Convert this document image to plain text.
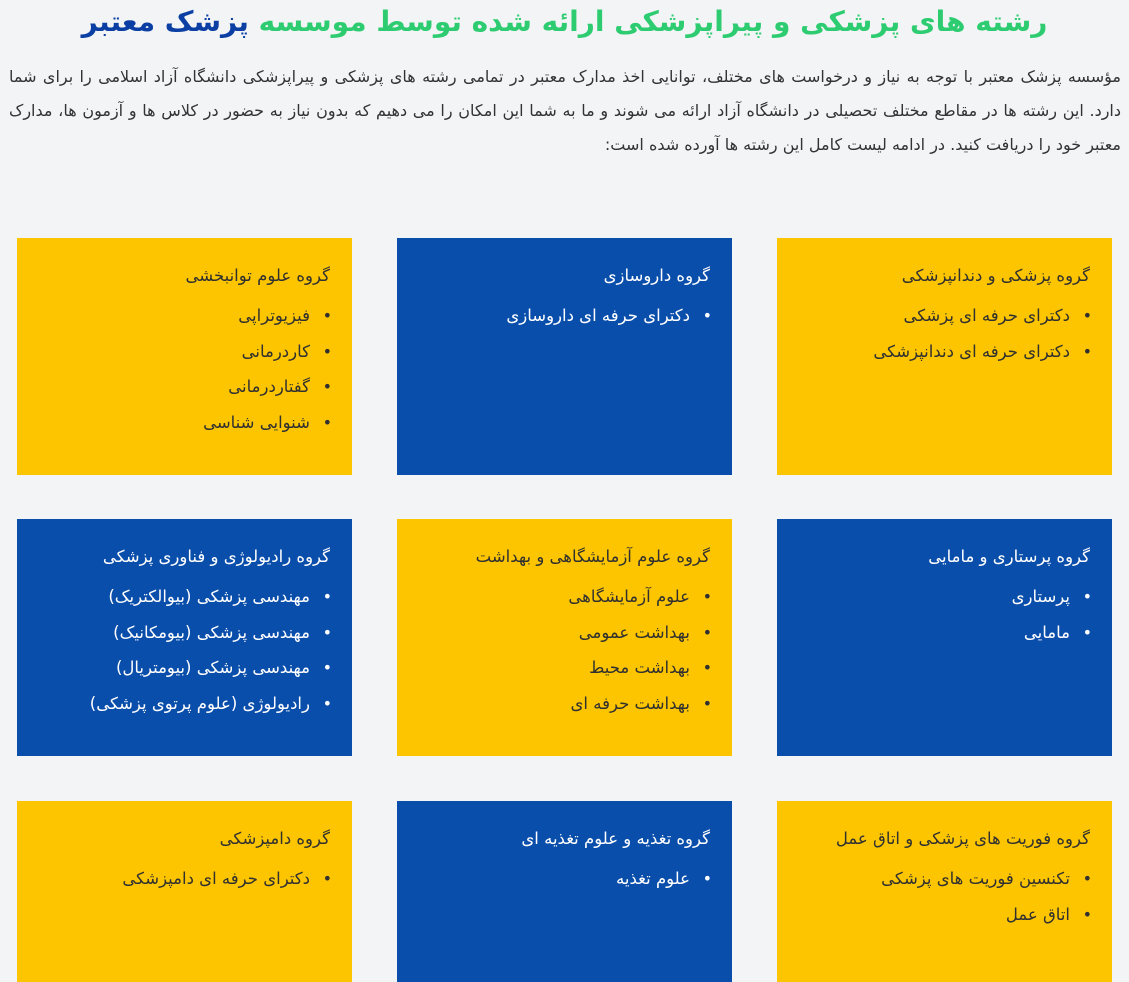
رشته های پزشکی و پیراپزشکی ارائه شده توسط موسسه پزشک معتبر

مؤسسه پزشک معتبر با توجه به نیاز و درخواست های مختلف، توانایی اخذ مدارک معتبر در تمامی رشته های پزشکی و پیراپزشکی دانشگاه آزاد اسلامی را برای شما دارد. این رشته ها در مقاطع مختلف تحصیلی در دانشگاه آزاد ارائه می شوند و ما به شما این امکان را می دهیم که بدون نیاز به حضور در کلاس ها و آزمون ها، مدارک معتبر خود را دریافت کنید. در ادامه لیست کامل این رشته ها آورده شده است:

گروه پزشکی و دندانپزشکی
•
دکترای حرفه ای پزشکی
•
دکترای حرفه ای دندانپزشکی
گروه داروسازی
•
دکترای حرفه ای داروسازی
گروه علوم توانبخشی
•
فیزیوتراپی
•
کاردرمانی
•
گفتاردرمانی
•
شنوایی شناسی
گروه پرستاری و مامایی
•
پرستاری
•
مامایی
گروه علوم آزمایشگاهی و بهداشت
•
علوم آزمایشگاهی
•
بهداشت عمومی
•
بهداشت محیط
•
بهداشت حرفه ای
گروه رادیولوژی و فناوری پزشکی
•
مهندسی پزشکی (بیوالکتریک)
•
مهندسی پزشکی (بیومکانیک)
•
مهندسی پزشکی (بیومتریال)
•
رادیولوژی (علوم پرتوی پزشکی)
گروه فوریت های پزشکی و اتاق عمل
•
تکنسین فوریت های پزشکی
•
اتاق عمل
گروه تغذیه و علوم تغذیه ای
•
علوم تغذیه
گروه دامپزشکی
•
دکترای حرفه ای دامپزشکی
